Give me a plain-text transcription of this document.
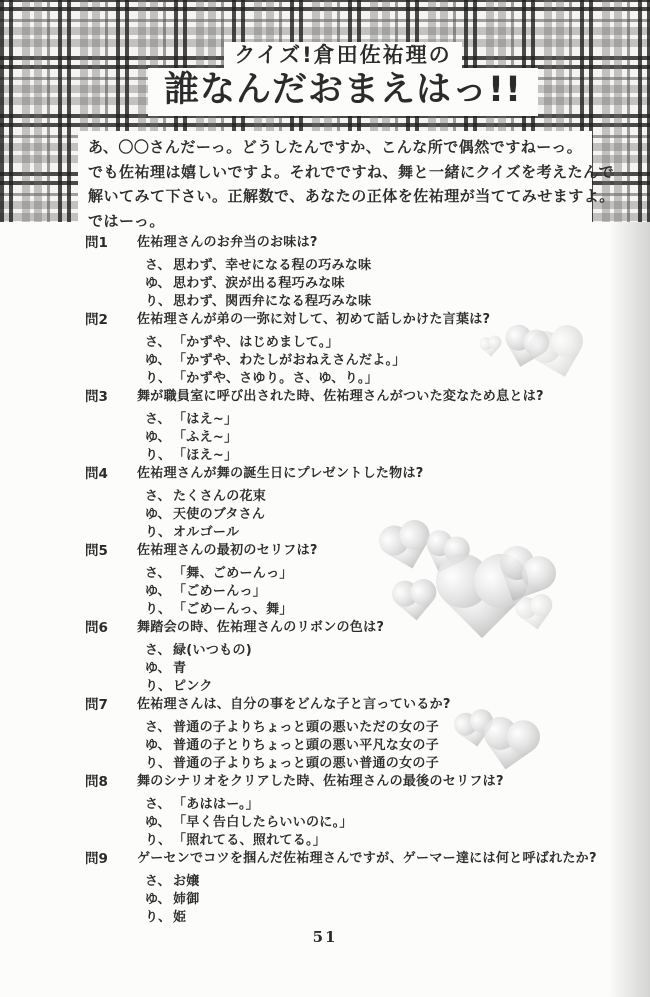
クイズ!倉田佐祐理の
誰なんだおまえはっ!!
あ、〇〇さんだーっ。どうしたんですか、こんな所で偶然ですねーっ。
でも佐祐理は嬉しいですよ。それでですね、舞と一緒にクイズを考えたんで
解いてみて下さい。正解数で、あなたの正体を佐祐理が当ててみせますよ。
ではーっ。
問1	佐祐理さんのお弁当のお味は?
さ、 思わず、幸せになる程の巧みな味
ゆ、 思わず、涙が出る程巧みな味
り、 思わず、関西弁になる程巧みな味
問2	佐祐理さんが弟の一弥に対して、初めて話しかけた言葉は?
さ、 「かずや、はじめまして。」
ゆ、 「かずや、わたしがおねえさんだよ。」
り、 「かずや、さゆり。さ、ゆ、り。」
問3	舞が職員室に呼び出された時、佐祐理さんがついた変なため息とは?
さ、 「はえ~」
ゆ、 「ふえ~」
り、 「ほえ~」
問4	佐祐理さんが舞の誕生日にプレゼントした物は?
さ、 たくさんの花束
ゆ、 天使のブタさん
り、 オルゴール
問5	佐祐理さんの最初のセリフは?
さ、 「舞、ごめーんっ」
ゆ、 「ごめーんっ」
り、 「ごめーんっ、舞」
問6	舞踏会の時、佐祐理さんのリボンの色は?
さ、 緑(いつもの)
ゆ、 青
り、 ピンク
問7	佐祐理さんは、自分の事をどんな子と言っているか?
さ、 普通の子よりちょっと頭の悪いただの女の子
ゆ、 普通の子とりちょっと頭の悪い平凡な女の子
り、 普通の子よりちょっと頭の悪い普通の女の子
問8	舞のシナリオをクリアした時、佐祐理さんの最後のセリフは?
さ、 「あははー。」
ゆ、 「早く告白したらいいのに。」
り、 「照れてる、照れてる。」
問9	ゲーセンでコツを掴んだ佐祐理さんですが、ゲーマー達には何と呼ばれたか?
さ、 お嬢
ゆ、 姉御
り、 姫
51
